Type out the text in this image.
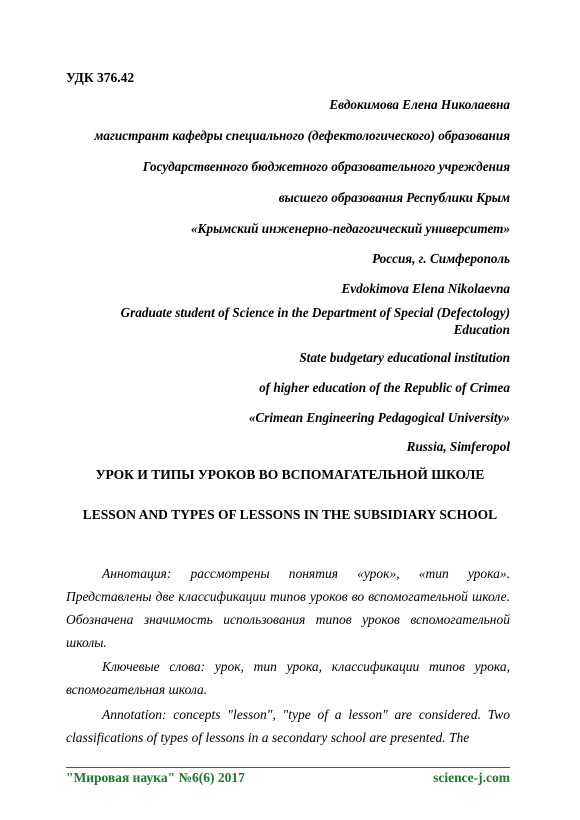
УДК 376.42
Евдокимова Елена Николаевна
магистрант кафедры специального (дефектологического) образования
Государственного бюджетного образовательного учреждения
высшего образования Республики Крым
«Крымский инженерно-педагогический университет»
Россия, г. Симферополь
Evdokimova Elena Nikolaevna
Graduate student of Science in the Department of Special (Defectology) Education
State budgetary educational institution
of higher education of the Republic of Crimea
«Crimean Engineering Pedagogical University»
Russia, Simferopol
УРОК И ТИПЫ УРОКОВ ВО ВСПОМАГАТЕЛЬНОЙ ШКОЛЕ
LESSON AND TYPES OF LESSONS IN THE SUBSIDIARY SCHOOL
Аннотация: рассмотрены понятия «урок», «тип урока». Представлены две классификации типов уроков во вспомогательной школе. Обозначена значимость использования типов уроков вспомогательной школы.
Ключевые слова: урок, тип урока, классификации типов урока, вспомогательная школа.
Annotation: concepts "lesson", "type of a lesson" are considered. Two classifications of types of lessons in a secondary school are presented. The
"Мировая наука" №6(6) 2017	science-j.com
